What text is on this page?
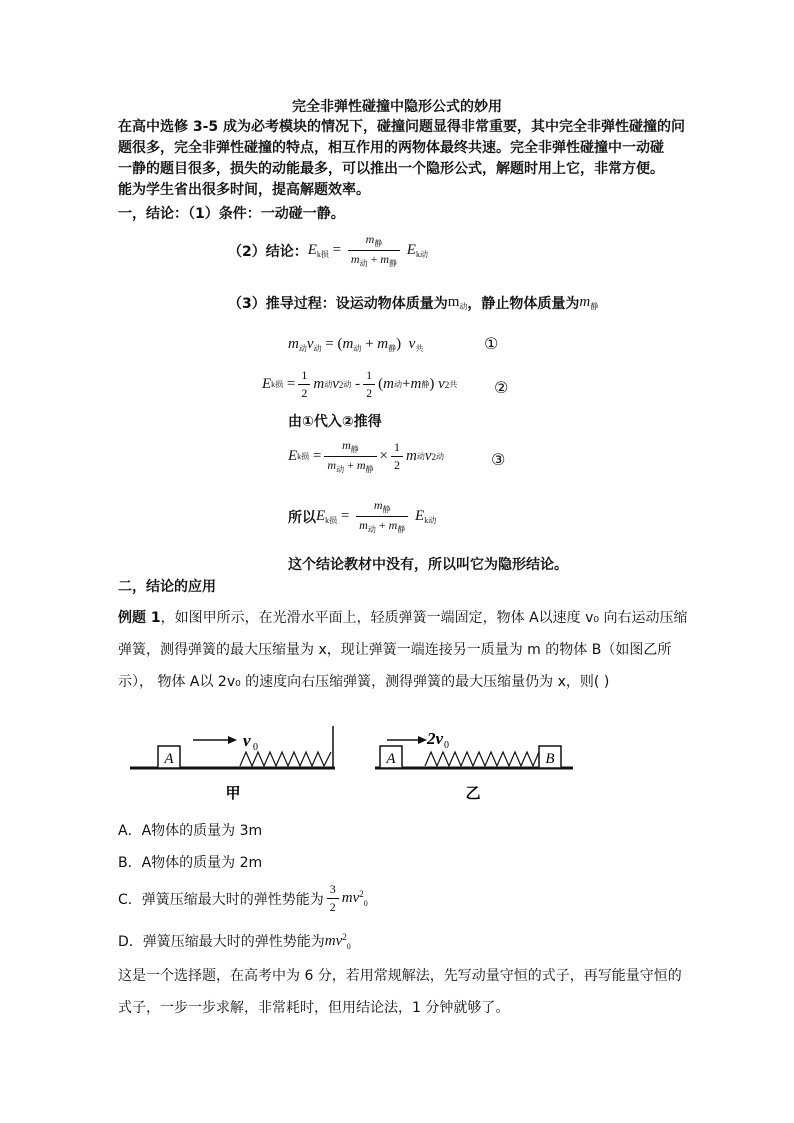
完全非弹性碰撞中隐形公式的妙用
在高中选修 3-5 成为必考模块的情况下，碰撞问题显得非常重要，其中完全非弹性碰撞的问
题很多，完全非弹性碰撞的特点，相互作用的两物体最终共速。完全非弹性碰撞中一动碰
一静的题目很多，损失的动能最多，可以推出一个隐形公式，解题时用上它，非常方便。
能为学生省出很多时间，提高解题效率。
一，结论：（1）条件：一动碰一静。
（2）结论： $E_{k损} = \frac{m_静}{m_动 + m_静} E_{k动}$
（3）推导过程：设运动物体质量为 $m_动$ ，静止物体质量为 $m_静$
$m_动v_动 = (m_动 + m_静)$  $v_共$	①
E k损 = $\frac{1}{2}$ m 动 v 2 动 - $\frac{1}{2}$ ( m 动 + m 静 ) v 2 共 ②
由①代入②推得
E k损 = $\frac{m_静}{m_动 + m_静} \times \frac{1}{2}$ m 动 v 2 动	③
所以 $E_{k损} = \frac{m_静}{m_动 + m_静} E_{k动}$
这个结论教材中没有，所以叫它为隐形结论。
二，结论的应用
例题 1，如图甲所示，在光滑水平面上，轻质弹簧一端固定，物体 A以速度 v₀ 向右运动压缩
弹簧，测得弹簧的最大压缩量为 x，现让弹簧一端连接另一质量为 m 的物体 B（如图乙所
示）， 物体 A以 2v₀ 的速度向右压缩弹簧，测得弹簧的最大压缩量仍为 x，则( )
A
v 0
A
2v 0
B
甲	乙
A．A物体的质量为 3m
B．A物体的质量为 2m
C． 弹簧压缩最大时的弹性势能为 $\frac{3}{2}$ mv $^2_0$
D． 弹簧压缩最大时的弹性势能为 mv $^2_0$
这是一个选择题，在高考中为 6 分，若用常规解法，先写动量守恒的式子，再写能量守恒的
式子，一步一步求解，非常耗时，但用结论法，1 分钟就够了。
